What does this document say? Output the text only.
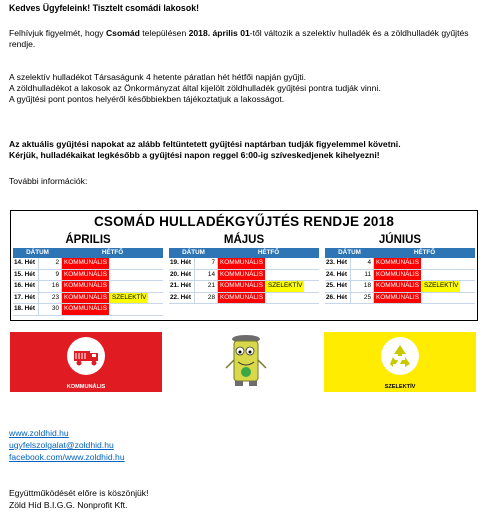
Kedves Ügyfeleink! Tisztelt csomádi lakosok!

Felhívjuk figyelmét, hogy Csomád településen 2018. április 01-től változik a szelektív hulladék és a zöldhulladék gyűjtés rendje.

A szelektív hulladékot Társaságunk 4 hetente páratlan hét hétfői napján gyűjti.

A zöldhulladékot a lakosok az Önkormányzat által kijelölt zöldhulladék gyűjtési pontra tudják vinni.

A gyűjtési pont pontos helyéről későbbiekben tájékoztatjuk a lakosságot.

Az aktuális gyűjtési napokat az alább feltüntetett gyűjtési naptárban tudják figyelemmel követni.

Kérjük, hulladékaikat legkésőbb a gyűjtési napon reggel 6:00-ig szíveskedjenek kihelyezni!

További információk:

CSOMÁD HULLADÉKGYŰJTÉS RENDJE 2018
ÁPRILIS
DÁTUM	HÉTFŐ
14. Hét	2 KOMMUNÁLIS
15. Hét	9 KOMMUNÁLIS
16. Hét	16 KOMMUNÁLIS
17. Hét	23 KOMMUNÁLIS SZELEKTÍV
18. Hét	30 KOMMUNÁLIS
MÁJUS
DÁTUM	HÉTFŐ
19. Hét	7 KOMMUNÁLIS
20. Hét	14 KOMMUNÁLIS
21. Hét	21 KOMMUNÁLIS SZELEKTÍV
22. Hét	28 KOMMUNÁLIS
JÚNIUS
DÁTUM	HÉTFŐ
23. Hét	4 KOMMUNÁLIS
24. Hét	11 KOMMUNÁLIS
25. Hét	18 KOMMUNÁLIS SZELEKTÍV
26. Hét	25 KOMMUNÁLIS
KOMMUNÁLIS	SZELEKTÍV
www.zoldhid.hu
ugyfelszolgalat@zoldhid.hu
facebook.com/www.zoldhid.hu
Együttműködését előre is köszönjük!
Zöld Híd B.I.G.G. Nonprofit Kft.
